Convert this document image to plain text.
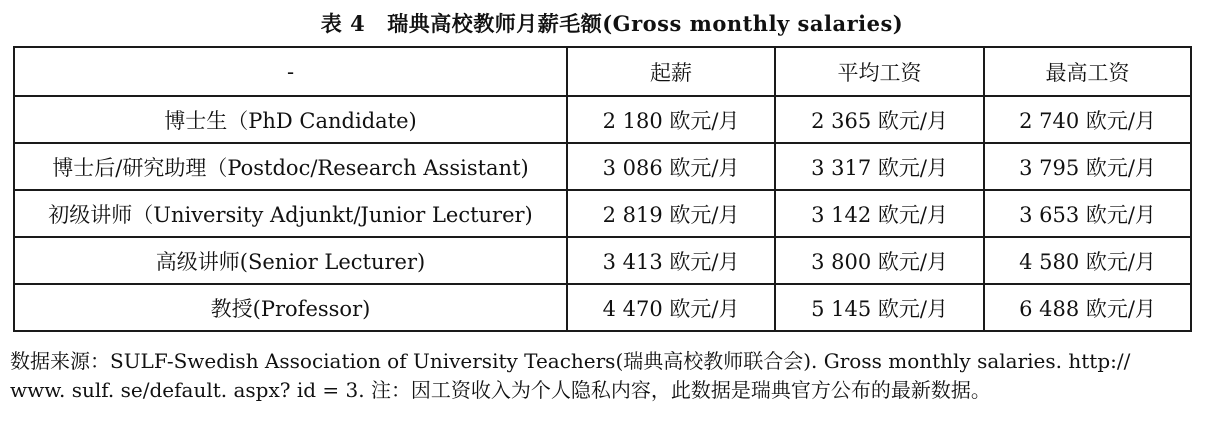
表 4 瑞典高校教师月薪毛额(Gross monthly salaries)
-	起薪	平均工资	最高工资
博士生（PhD Candidate)	2 180 欧元/月	2 365 欧元/月	2 740 欧元/月
博士后/研究助理（Postdoc/Research Assistant)	3 086 欧元/月	3 317 欧元/月	3 795 欧元/月
初级讲师（University Adjunkt/Junior Lecturer)	2 819 欧元/月	3 142 欧元/月	3 653 欧元/月
高级讲师(Senior Lecturer)	3 413 欧元/月	3 800 欧元/月	4 580 欧元/月
教授(Professor)	4 470 欧元/月	5 145 欧元/月	6 488 欧元/月

数据来源：SULF-Swedish Association of University Teachers(瑞典高校教师联合会). Gross monthly salaries. http://

www. sulf. se/default. aspx? id = 3. 注：因工资收入为个人隐私内容，此数据是瑞典官方公布的最新数据。
